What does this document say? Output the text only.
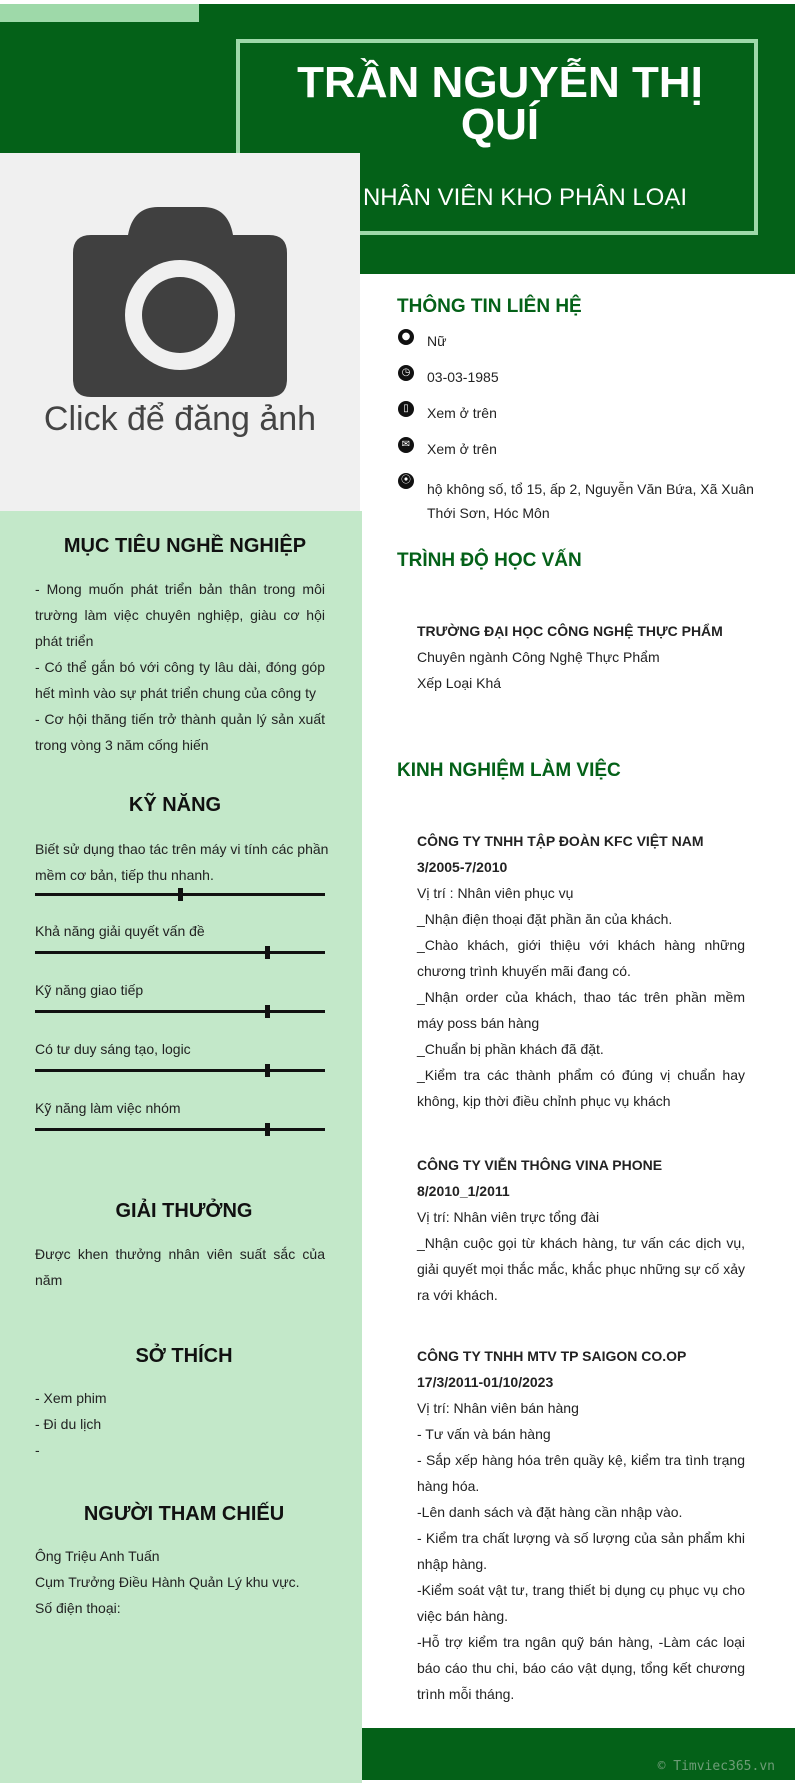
TRẦN NGUYỄN THỊ QUÍ
NHÂN VIÊN KHO PHÂN LOẠI
Click để đăng ảnh
THÔNG TIN LIÊN HỆ
● Nữ
◷ 03-03-1985
▯	Xem ở trên
✉ Xem ở trên
⦿
hộ không số, tổ 15, ấp 2, Nguyễn Văn Bứa, Xã Xuân Thới Sơn, Hóc Môn
MỤC TIÊU NGHỀ NGHIỆP
- Mong muốn phát triển bản thân trong môi trường làm việc chuyên nghiệp, giàu cơ hội phát triển
- Có thể gắn bó với công ty lâu dài, đóng góp hết mình vào sự phát triển chung của công ty
- Cơ hội thăng tiến trở thành quản lý sản xuất trong vòng 3 năm cống hiến
KỸ NĂNG
Biết sử dụng thao tác trên máy vi tính các phần mềm cơ bản, tiếp thu nhanh.
Khả năng giải quyết vấn đề
Kỹ năng giao tiếp
Có tư duy sáng tạo, logic
Kỹ năng làm việc nhóm
GIẢI THƯỞNG
Được khen thưởng nhân viên suất sắc của năm
SỞ THÍCH
- Xem phim
- Đi du lịch
-
NGƯỜI THAM CHIẾU
Ông Triệu Anh Tuấn
Cụm Trưởng Điều Hành Quản Lý khu vực.
Số điện thoại:
TRÌNH ĐỘ HỌC VẤN
TRƯỜNG ĐẠI HỌC CÔNG NGHỆ THỰC PHẨM
Chuyên ngành Công Nghệ Thực Phẩm
Xếp Loại Khá
KINH NGHIỆM LÀM VIỆC
CÔNG TY TNHH TẬP ĐOÀN KFC VIỆT NAM
3/2005-7/2010
Vị trí : Nhân viên phục vụ
_Nhận điện thoại đặt phần ăn của khách.
_Chào khách, giới thiệu với khách hàng những chương trình khuyến mãi đang có.
_Nhận order của khách, thao tác trên phần mềm máy poss bán hàng
_Chuẩn bị phần khách đã đặt.
_Kiểm tra các thành phẩm có đúng vị chuẩn hay không, kịp thời điều chỉnh phục vụ khách
CÔNG TY VIỄN THÔNG VINA PHONE
8/2010_1/2011
Vị trí: Nhân viên trực tổng đài
_Nhận cuộc gọi từ khách hàng, tư vấn các dịch vụ, giải quyết mọi thắc mắc, khắc phục những sự cố xảy ra với khách.
CÔNG TY TNHH MTV TP SAIGON CO.OP
17/3/2011-01/10/2023
Vị trí: Nhân viên bán hàng
- Tư vấn và bán hàng
- Sắp xếp hàng hóa trên quầy kệ, kiểm tra tình trạng hàng hóa.
-Lên danh sách và đặt hàng cần nhập vào.
- Kiểm tra chất lượng và số lượng của sản phẩm khi nhập hàng.
-Kiểm soát vật tư, trang thiết bị dụng cụ phục vụ cho việc bán hàng.
-Hỗ trợ kiểm tra ngân quỹ bán hàng, -Làm các loại báo cáo thu chi, báo cáo vật dụng, tổng kết chương trình mỗi tháng.
© Timviec365.vn
